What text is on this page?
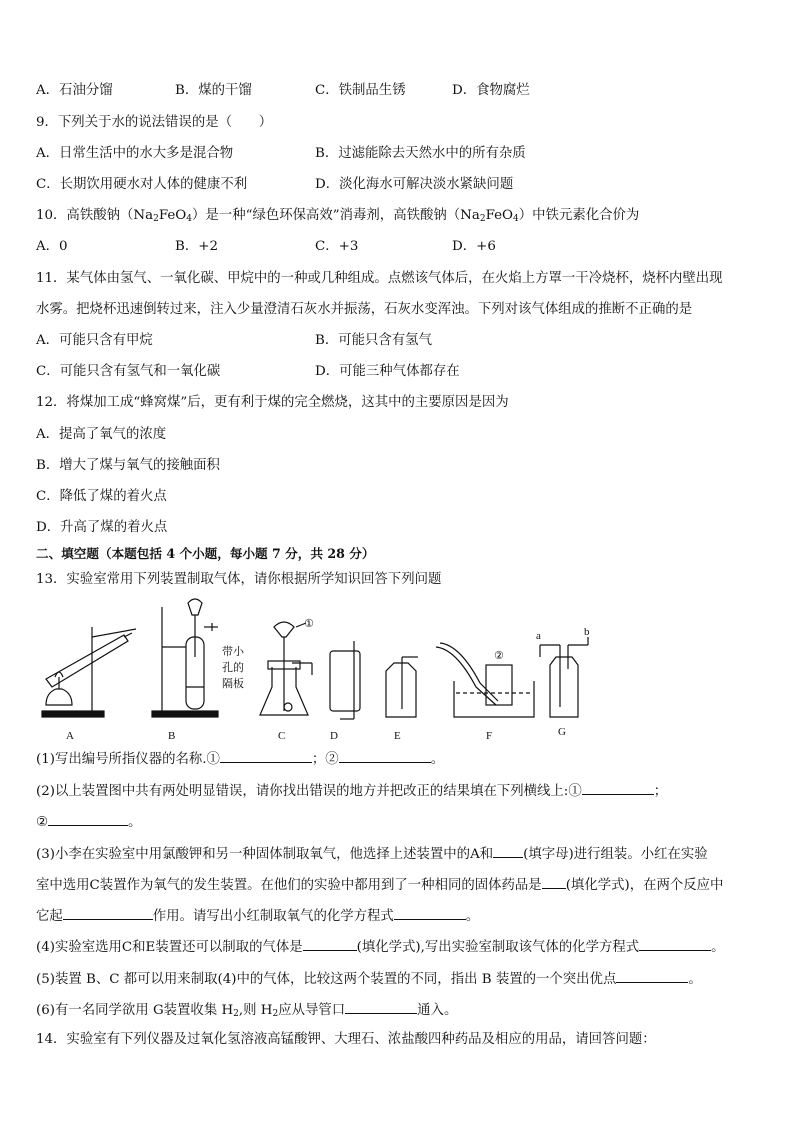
A．石油分馏	B．煤的干馏	C．铁制品生锈	D．食物腐烂
9．下列关于水的说法错误的是（　　）
A．日常生活中的水大多是混合物	B．过滤能除去天然水中的所有杂质
C．长期饮用硬水对人体的健康不利	D．淡化海水可解决淡水紧缺问题
10．高铁酸钠$(Na_2FeO_4)$是一种“绿色环保高效”消毒剂，高铁酸钠$(Na_2FeO_4)$中铁元素化合价为
A．0	B．+2	C．+3	D．+6
11．某气体由氢气、一氧化碳、甲烷中的一种或几种组成。点燃该气体后，在火焰上方罩一干冷烧杯，烧杯内壁出现
水雾。把烧杯迅速倒转过来，注入少量澄清石灰水并振荡，石灰水变浑浊。下列对该气体组成的推断不正确的是
A．可能只含有甲烷	B．可能只含有氢气
C．可能只含有氢气和一氧化碳	D．可能三种气体都存在
12．将煤加工成“蜂窝煤”后，更有利于煤的完全燃烧，这其中的主要原因是因为
A．提高了氧气的浓度
B．增大了煤与氧气的接触面积
C．降低了煤的着火点
D．升高了煤的着火点
二、填空题（本题包括 4 个小题，每小题 7 分，共 28 分）
13．实验室常用下列装置制取气体，请你根据所学知识回答下列问题
A
带小
孔的
隔板
B
①
C	D	E
②
F
a	b
G
(1)写出编号所指仪器的名称.①	；②	。
(2)以上装置图中共有两处明显错误，请你找出错误的地方并把改正的结果填在下列横线上:①	；
②	。
(3)小李在实验室中用氯酸钾和另一种固体制取氧气，他选择上述装置中的A和 (填字母)进行组装。小红在实验
室中选用C装置作为氧气的发生装置。在他们的实验中都用到了一种相同的固体药品是 (填化学式)，在两个反应中
它起	作用。请写出小红制取氧气的化学方程式	。
(4)实验室选用C和E装置还可以制取的气体是	(填化学式),写出实验室制取该气体的化学方程式	。
(5)装置 B、C 都可以用来制取(4)中的气体，比较这两个装置的不同，指出 B 装置的一个突出优点	。
(6)有一名同学欲用 G装置收集 $H_2$,则 $H_2$应从导管口	通入。
14．实验室有下列仪器及过氧化氢溶液高锰酸钾、大理石、浓盐酸四种药品及相应的用品，请回答问题：
